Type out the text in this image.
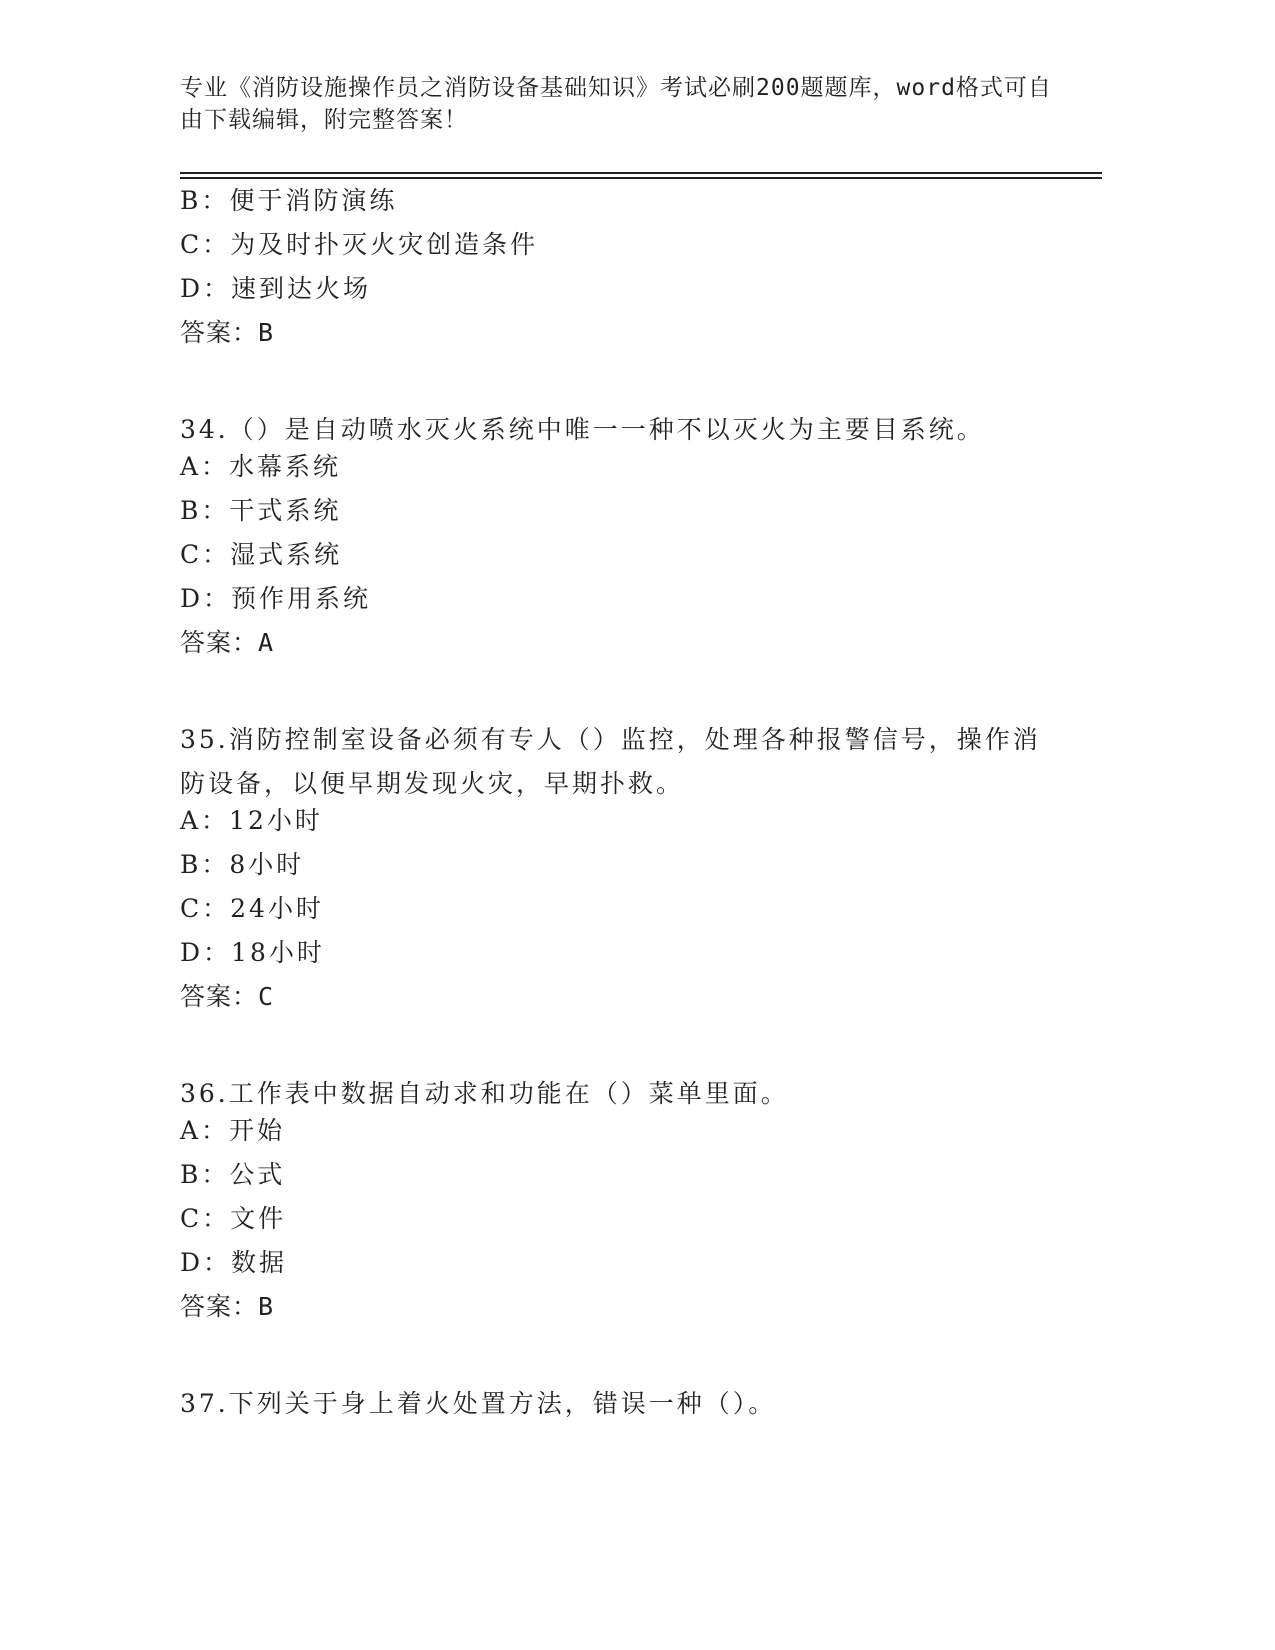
专业《消防设施操作员之消防设备基础知识》考试必刷200题题库，word格式可自由下载编辑，附完整答案！
B：便于消防演练
C：为及时扑灭火灾创造条件
D：速到达火场
答案：B
34.（）是自动喷水灭火系统中唯一一种不以灭火为主要目系统。
A：水幕系统
B：干式系统
C：湿式系统
D：预作用系统
答案：A
35.消防控制室设备必须有专人（）监控，处理各种报警信号，操作消防设备，以便早期发现火灾，早期扑救。
A：12小时
B：8小时
C：24小时
D：18小时
答案：C
36.工作表中数据自动求和功能在（）菜单里面。
A：开始
B：公式
C：文件
D：数据
答案：B
37.下列关于身上着火处置方法，错误一种（）。
